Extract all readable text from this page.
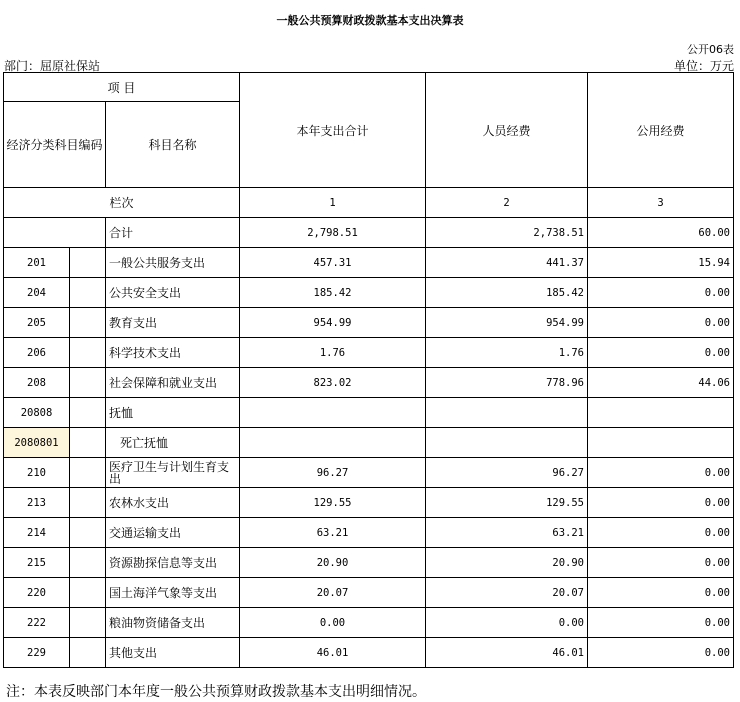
一般公共预算财政拨款基本支出决算表
公开06表
部门：屈原社保站	单位：万元
项 目			本年支出合计	人员经费	公用经费
经济分类科目编码		科目名称			

栏次			1	2	3
		合计	2,798.51	2,738.51	60.00
201		一般公共服务支出	457.31	441.37	15.94
204		公共安全支出	185.42	185.42	0.00
205		教育支出	954.99	954.99	0.00
206		科学技术支出	1.76	1.76	0.00
208		社会保障和就业支出	823.02	778.96	44.06
20808		抚恤			
2080801		死亡抚恤			
210		医疗卫生与计划生育支出	96.27	96.27	0.00
213		农林水支出	129.55	129.55	0.00
214		交通运输支出	63.21	63.21	0.00
215		资源勘探信息等支出	20.90	20.90	0.00
220		国土海洋气象等支出	20.07	20.07	0.00
222		粮油物资储备支出	0.00	0.00	0.00
229		其他支出	46.01	46.01	0.00
注：本表反映部门本年度一般公共预算财政拨款基本支出明细情况。
